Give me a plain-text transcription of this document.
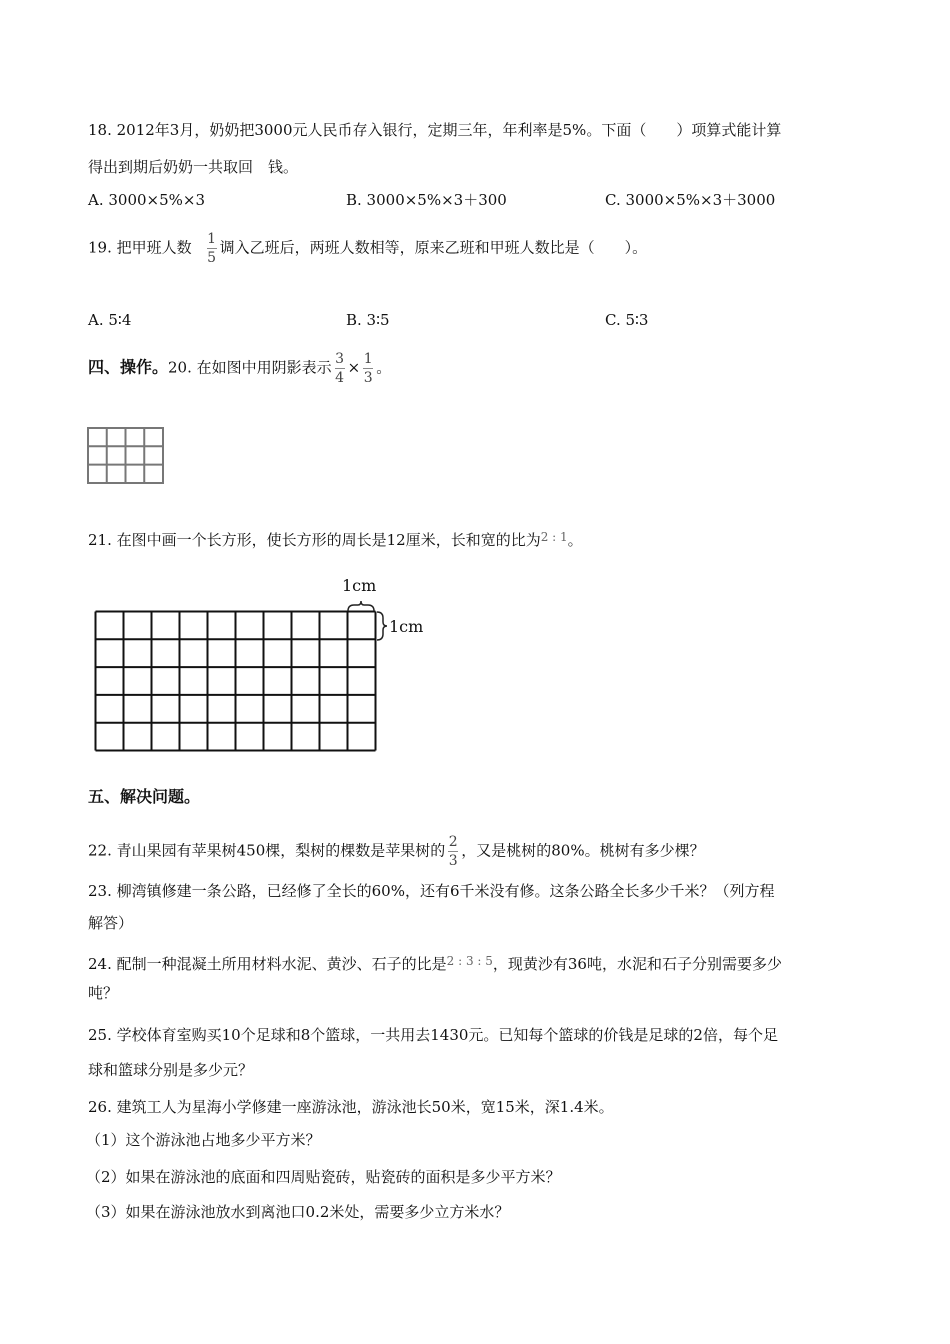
18. 2012年3月，奶奶把3000元人民币存入银行，定期三年，年利率是5%。下面（　　）项算式能计算
得出到期后奶奶一共取回　钱。
A. 3000×5%×3	B. 3000×5%×3＋300	C. 3000×5%×3＋3000
19. 把甲班人数 $\frac{1}{5}$ 调入乙班后，两班人数相等，原来乙班和甲班人数比是（　　）。
A. 5∶4	B. 3∶5	C. 5∶3
四、操作。20. 在如图中用阴影表示 $\frac{3}{4} \times \frac{1}{3}$ 。
21. 在图中画一个长方形，使长方形的周长是12厘米，长和宽的比为$^{2 : 1}$。
1cm
1cm
五、解决问题。
22. 青山果园有苹果树450棵，梨树的棵数是苹果树的 $\frac{2}{3}$ ，又是桃树的80%。桃树有多少棵？
23. 柳湾镇修建一条公路，已经修了全长的60%，还有6千米没有修。这条公路全长多少千米？（列方程
解答）
24. 配制一种混凝土所用材料水泥、黄沙、石子的比是$^{2 : 3 : 5}$，现黄沙有36吨，水泥和石子分别需要多少
吨？
25. 学校体育室购买10个足球和8个篮球，一共用去1430元。已知每个篮球的价钱是足球的2倍，每个足
球和篮球分别是多少元？
26. 建筑工人为星海小学修建一座游泳池，游泳池长50米，宽15米，深1.4米。
（1）这个游泳池占地多少平方米？
（2）如果在游泳池的底面和四周贴瓷砖，贴瓷砖的面积是多少平方米？
（3）如果在游泳池放水到离池口0.2米处，需要多少立方米水？
